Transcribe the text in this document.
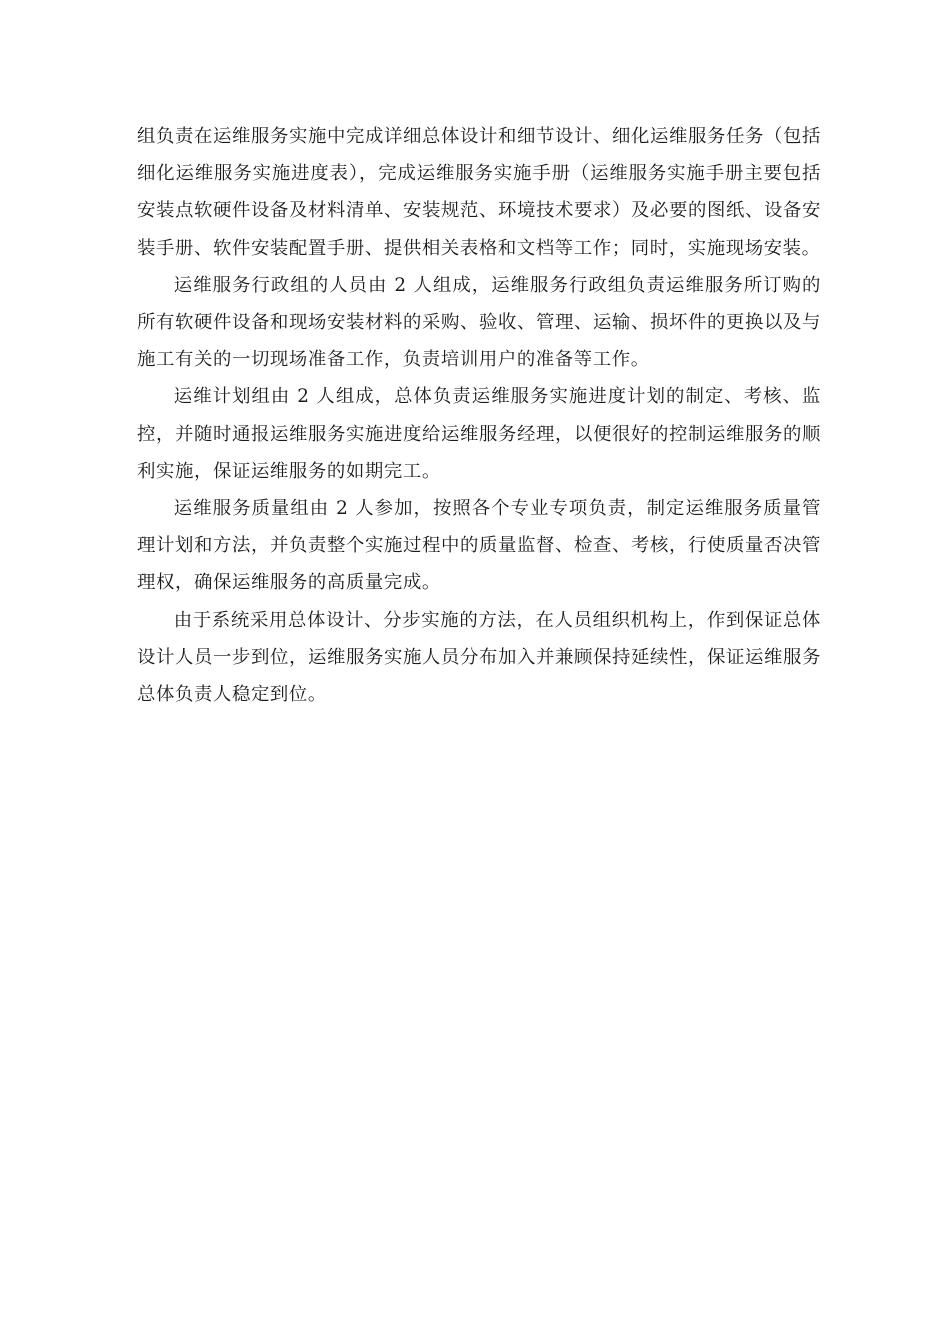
组负责在运维服务实施中完成详细总体设计和细节设计、细化运维服务任务（包括细化运维服务实施进度表），完成运维服务实施手册（运维服务实施手册主要包括安装点软硬件设备及材料清单、安装规范、环境技术要求）及必要的图纸、设备安装手册、软件安装配置手册、提供相关表格和文档等工作；同时，实施现场安装。

运维服务行政组的人员由 2 人组成，运维服务行政组负责运维服务所订购的所有软硬件设备和现场安装材料的采购、验收、管理、运输、损坏件的更换以及与施工有关的一切现场准备工作，负责培训用户的准备等工作。

运维计划组由 2 人组成，总体负责运维服务实施进度计划的制定、考核、监控，并随时通报运维服务实施进度给运维服务经理，以便很好的控制运维服务的顺利实施，保证运维服务的如期完工。

运维服务质量组由 2 人参加，按照各个专业专项负责，制定运维服务质量管理计划和方法，并负责整个实施过程中的质量监督、检查、考核，行使质量否决管理权，确保运维服务的高质量完成。

由于系统采用总体设计、分步实施的方法，在人员组织机构上，作到保证总体设计人员一步到位，运维服务实施人员分布加入并兼顾保持延续性，保证运维服务总体负责人稳定到位。
